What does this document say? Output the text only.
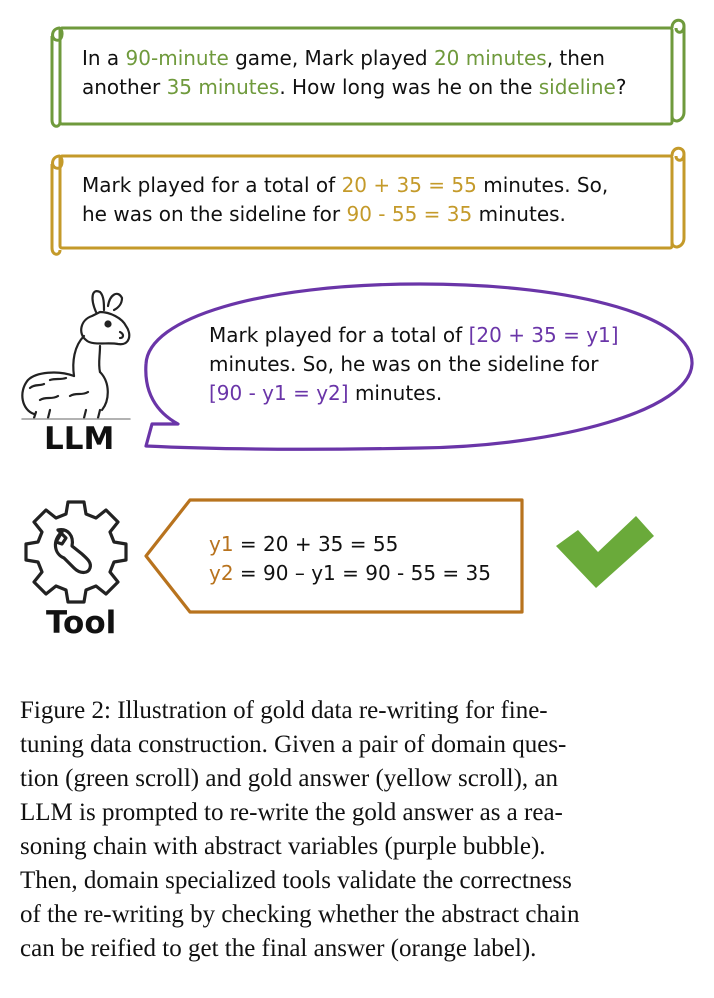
In a 90-minute game, Mark played 20 minutes, then
another 35 minutes. How long was he on the sideline?
Mark played for a total of 20 + 35 = 55 minutes. So,
he was on the sideline for 90 - 55 = 35 minutes.
Mark played for a total of [20 + 35 = y1]
minutes. So, he was on the sideline for
[90 - y1 = y2] minutes.
y1 = 20 + 35 = 55
y2 = 90 – y1 = 90 - 55 = 35
LLM
Tool
Figure 2: Illustration of gold data re-writing for fine-
tuning data construction. Given a pair of domain ques-
tion (green scroll) and gold answer (yellow scroll), an
LLM is prompted to re-write the gold answer as a rea-
soning chain with abstract variables (purple bubble).
Then, domain specialized tools validate the correctness
of the re-writing by checking whether the abstract chain
can be reified to get the final answer (orange label).
